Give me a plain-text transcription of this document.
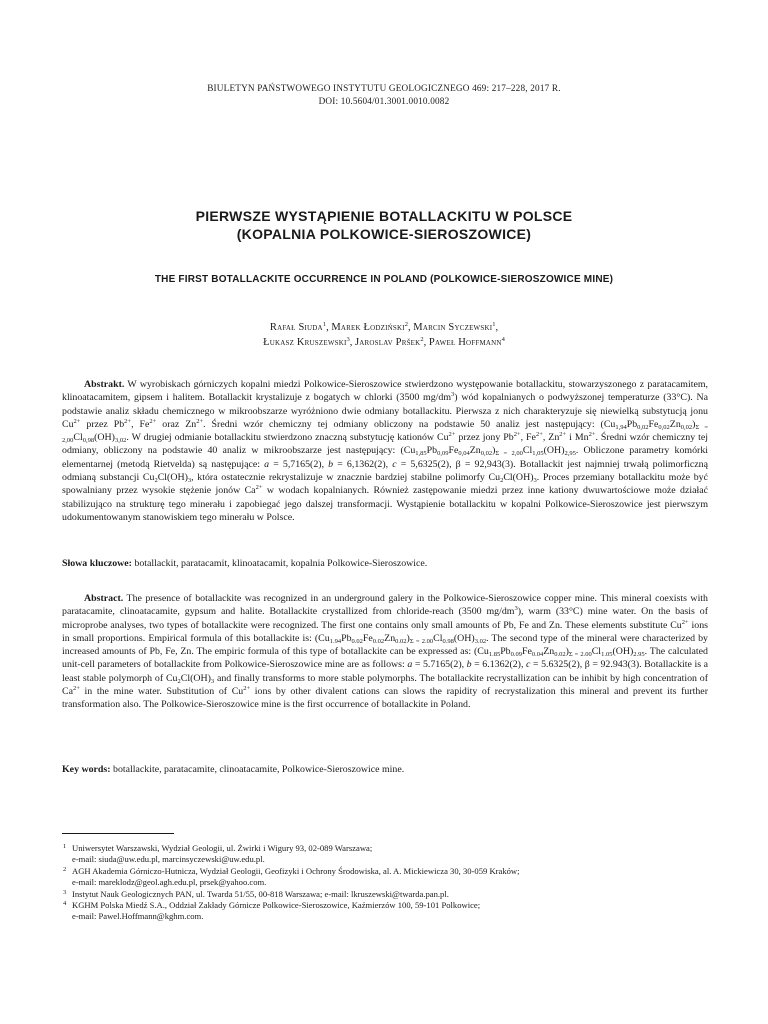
BIULETYN PAŃSTWOWEGO INSTYTUTU GEOLOGICZNEGO 469: 217–228, 2017 R.
DOI: 10.5604/01.3001.0010.0082
PIERWSZE WYSTĄPIENIE BOTALLACKITU W POLSCE
(KOPALNIA POLKOWICE-SIEROSZOWICE)
THE FIRST BOTALLACKITE OCCURRENCE IN POLAND (POLKOWICE-SIEROSZOWICE MINE)
Rafał Siuda$^1$, Marek Łodziński$^2$, Marcin Syczewski$^1$,
Łukasz Kruszewski$^3$, Jaroslav Pršek$^2$, Paweł Hoffmann$^4$

Abstrakt. W wyrobiskach górniczych kopalni miedzi Polkowice-Sieroszowice stwierdzono występowanie botallackitu, stowarzyszonego z paratacamitem, klinoatacamitem, gipsem i halitem. Botallackit krystalizuje z bogatych w chlorki (3500 $mg/dm^3$) wód kopalnianych o podwyższonej temperaturze (33°C). Na podstawie analiz składu chemicznego w mikroobszarze wyróżniono dwie odmiany botallackitu. Pierwsza z nich charakteryzuje się niewielką substytucją jonu $Cu^{2+}$ przez $Pb^{2+}$, $Fe^{2+}$ oraz $Zn^{2+}$. Średni wzór chemiczny tej odmiany obliczony na podstawie 50 analiz jest następujący: $(Cu_{1,94}Pb_{0,02}Fe_{0,02}Zn_{0,02})_{\Sigma = 2,00}Cl_{0,98}(OH)_{3,02}$. W drugiej odmianie botallackitu stwierdzono znaczną substytucję kationów $Cu^{2+}$ przez jony $Pb^{2+}$, $Fe^{2+}$, $Zn^{2+}$ i $Mn^{2+}$. Średni wzór chemiczny tej odmiany, obliczony na podstawie 40 analiz w mikroobszarze jest następujący: $(Cu_{1,85}Pb_{0,09}Fe_{0,04}Zn_{0,02})_{\Sigma = 2,00}Cl_{1,05}(OH)_{2,95}$. Obliczone parametry komórki elementarnej (metodą Rietvelda) są następujące: a = 5,7165(2), b = 6,1362(2), c = 5,6325(2), β = 92,943(3). Botallackit jest najmniej trwałą polimorficzną odmianą substancji $Cu_2Cl(OH)_3$, która ostatecznie rekrystalizuje w znacznie bardziej stabilne polimorfy $Cu_2Cl(OH)_3$. Proces przemiany botallackitu może być spowalniany przez wysokie stężenie jonów $Ca^{2+}$ w wodach kopalnianych. Również zastępowanie miedzi przez inne kationy dwuwartościowe może działać stabilizująco na strukturę tego minerału i zapobiegać jego dalszej transformacji. Wystąpienie botallackitu w kopalni Polkowice-Sieroszowice jest pierwszym udokumentowanym stanowiskiem tego minerału w Polsce.

Słowa kluczowe: botallackit, paratacamit, klinoatacamit, kopalnia Polkowice-Sieroszowice.

Abstract. The presence of botallackite was recognized in an underground galery in the Polkowice-Sieroszowice copper mine. This mineral coexists with paratacamite, clinoatacamite, gypsum and halite. Botallackite crystallized from chloride-reach (3500 $mg/dm^3$), warm (33°C) mine water. On the basis of microprobe analyses, two types of botallackite were recognized. The first one contains only small amounts of Pb, Fe and Zn. These elements substitute $Cu^{2+}$ ions in small proportions. Empirical formula of this botallackite is: $(Cu_{1.94}Pb_{0.02}Fe_{0.02}Zn_{0.02})_{\Sigma = 2.00}Cl_{0.98}(OH)_{3.02}$. The second type of the mineral were characterized by increased amounts of Pb, Fe, Zn. The empiric formula of this type of botallackite can be expressed as: $(Cu_{1.85}Pb_{0.09}Fe_{0.04}Zn_{0.02})_{\Sigma = 2.00}Cl_{1.05}(OH)_{2.95}$. The calculated unit-cell parameters of botallackite from Polkowice-Sieroszowice mine are as follows: a = 5.7165(2), b = 6.1362(2), c = 5.6325(2), β = 92.943(3). Botallackite is a least stable polymorph of $Cu_2Cl(OH)_3$ and finally transforms to more stable polymorphs. The botallackite recrystallization can be inhibit by high concentration of $Ca^{2+}$ in the mine water. Substitution of $Cu^{2+}$ ions by other divalent cations can slows the rapidity of recrystalization this mineral and prevent its further transformation also. The Polkowice-Sieroszowice mine is the first occurrence of botallackite in Poland.

Key words: botallackite, paratacamite, clinoatacamite, Polkowice-Sieroszowice mine.
1 Uniwersytet Warszawski, Wydział Geologii, ul. Żwirki i Wigury 93, 02-089 Warszawa;
e-mail: siuda@uw.edu.pl, marcinsyczewski@uw.edu.pl.
2 AGH Akademia Górniczo-Hutnicza, Wydział Geologii, Geofizyki i Ochrony Środowiska, al. A. Mickiewicza 30, 30-059 Kraków;
e-mail: mareklodz@geol.agh.edu.pl, prsek@yahoo.com.
3 Instytut Nauk Geologicznych PAN, ul. Twarda 51/55, 00-818 Warszawa; e-mail: lkruszewski@twarda.pan.pl.
4 KGHM Polska Miedź S.A., Oddział Zakłady Górnicze Polkowice-Sieroszowice, Kaźmierzów 100, 59-101 Polkowice;
e-mail: Pawel.Hoffmann@kghm.com.
